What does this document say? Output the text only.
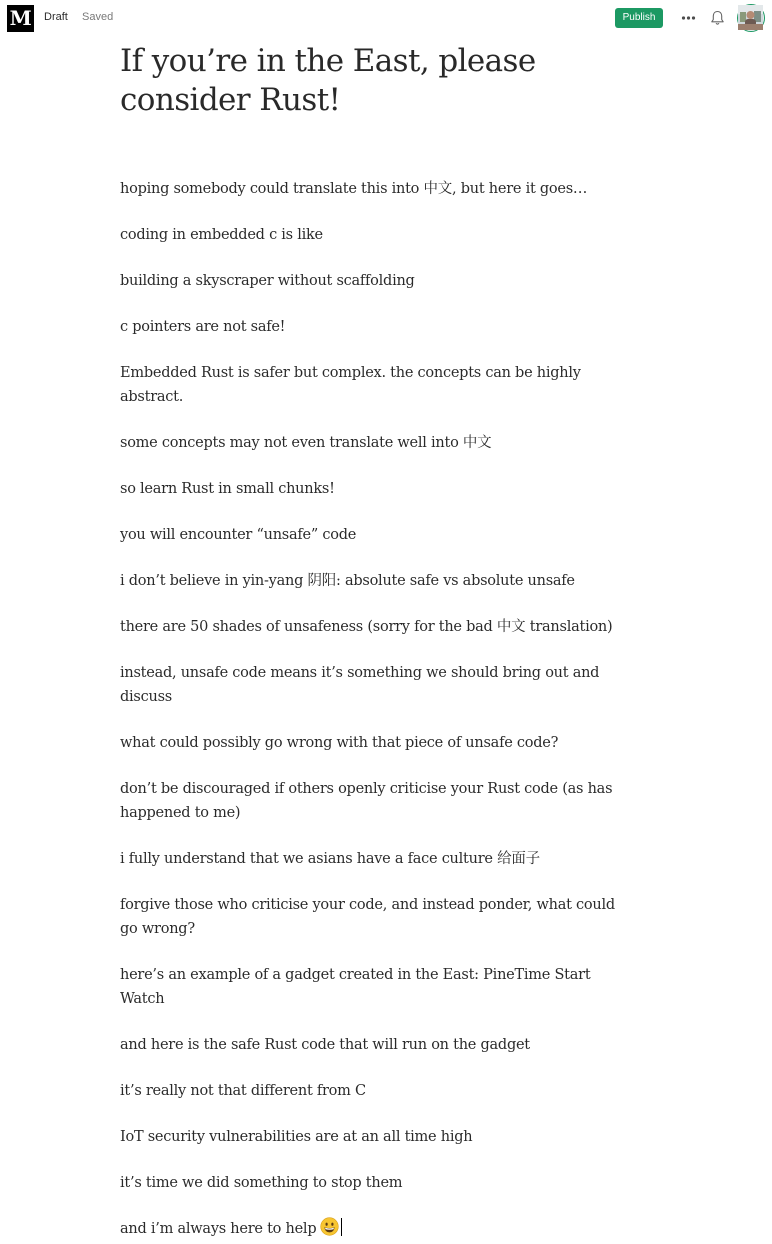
M Draft Saved	Publish
If you’re in the East, please consider Rust!

hoping somebody could translate this into 中文, but here it goes…

coding in embedded c is like

building a skyscraper without scaffolding

c pointers are not safe!

Embedded Rust is safer but complex. the concepts can be highly abstract.

some concepts may not even translate well into 中文

so learn Rust in small chunks!

you will encounter “unsafe” code

i don’t believe in yin-yang 阴阳: absolute safe vs absolute unsafe

there are 50 shades of unsafeness (sorry for the bad 中文 translation)

instead, unsafe code means it’s something we should bring out and discuss

what could possibly go wrong with that piece of unsafe code?

don’t be discouraged if others openly criticise your Rust code (as has happened to me)

i fully understand that we asians have a face culture 给面子

forgive those who criticise your code, and instead ponder, what could go wrong?

here’s an example of a gadget created in the East: PineTime Start Watch

and here is the safe Rust code that will run on the gadget

it’s really not that different from C

IoT security vulnerabilities are at an all time high

it’s time we did something to stop them

and i’m always here to help
